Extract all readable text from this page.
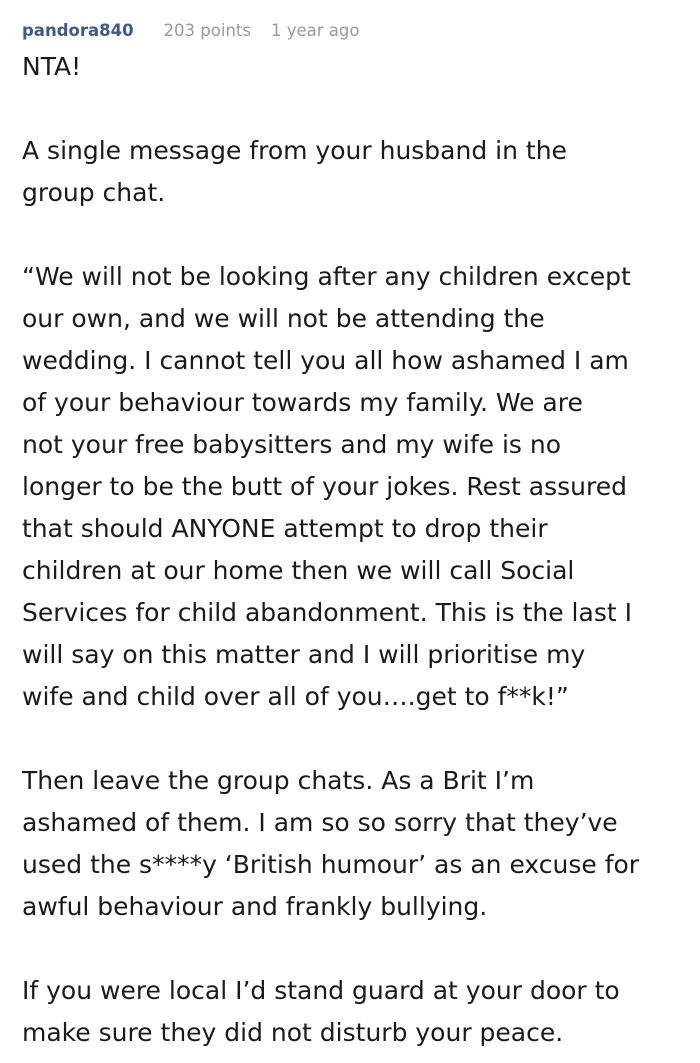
pandora840 203 points 1 year ago

NTA!

A single message from your husband in the
group chat.

“We will not be looking after any children except
our own, and we will not be attending the
wedding. I cannot tell you all how ashamed I am
of your behaviour towards my family. We are
not your free babysitters and my wife is no
longer to be the butt of your jokes. Rest assured
that should ANYONE attempt to drop their
children at our home then we will call Social
Services for child abandonment. This is the last I
will say on this matter and I will prioritise my
wife and child over all of you….get to f**k!”

Then leave the group chats. As a Brit I’m
ashamed of them. I am so so sorry that they’ve
used the s****y ‘British humour’ as an excuse for
awful behaviour and frankly bullying.

If you were local I’d stand guard at your door to
make sure they did not disturb your peace.
